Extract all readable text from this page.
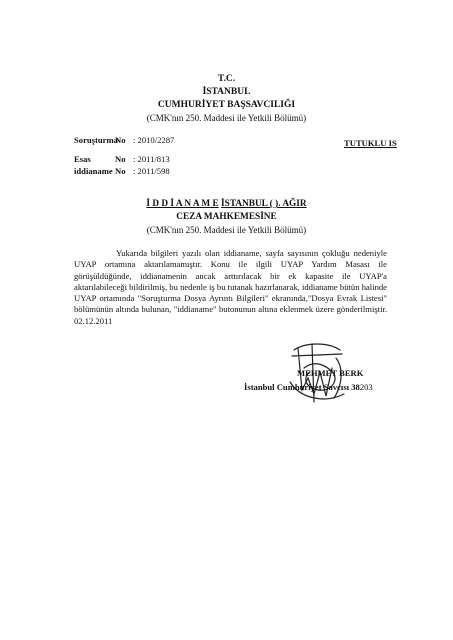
T.C.
İSTANBUL
CUMHURİYET BAŞSAVCILIĞI
(CMK'nın 250. Maddesi ile Yetkili Bölümü)
Soruşturma
No : 2010/2287	TUTUKLU IS
Esas	No : 2011/813
iddianame No : 2011/598
İ D D İ A N A M E İSTANBUL ( ). AĞIR
CEZA MAHKEMESİNE
(CMK'nın 250. Maddesi ile Yetkili Bölümü)
Yukarıda bilgileri yazılı olan iddianame, sayfa sayısının çokluğu nedeniyle UYAP ortamına aktarılamamıştır. Konu ile ilgili UYAP Yardım Masası ile görüşüldüğünde, iddianamenin ancak arttırılacak bir ek kapasite ile UYAP'a aktarılabileceği bildirilmiş, bu nedenle iş bu tutanak hazırlanarak, iddianame bütün halinde UYAP ortamında "Soruşturma Dosya Ayrıntı Bilgileri" ekranında,"Dosya Evrak Listesi" bölümünün altında bulunan, "iddianame" butonunun altına eklenmek üzere gönderilmiştir. 02.12.2011
MEHMET BERK
İstanbul Cumhuriyet Savcısı 38203
